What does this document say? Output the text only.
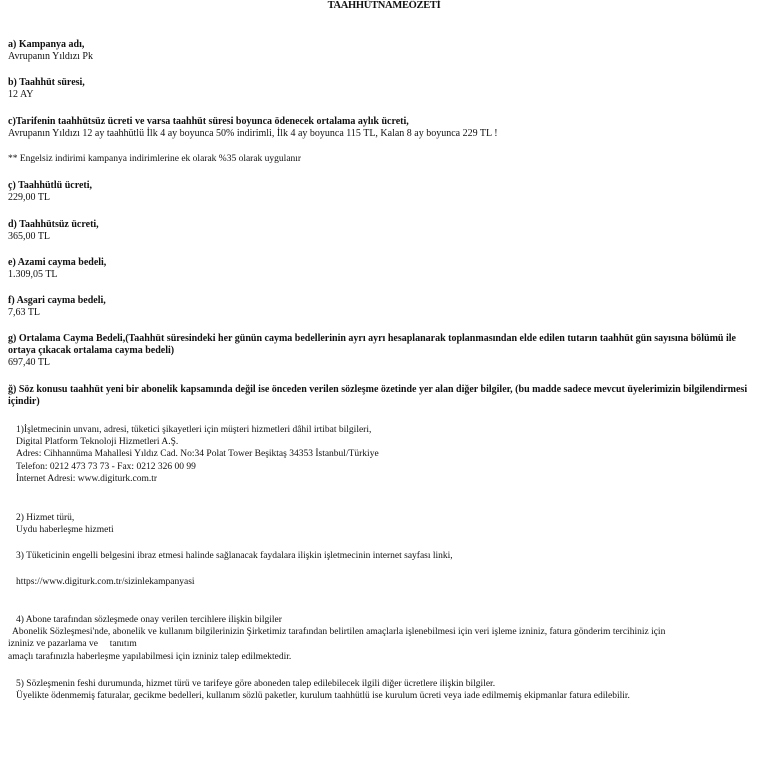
TAAHHÜTNAMEÖZETİ
a) Kampanya adı,
Avrupanın Yıldızı Pk
b) Taahhüt süresi,
12 AY
c)Tarifenin taahhütsüz ücreti ve varsa taahhüt süresi boyunca ödenecek ortalama aylık ücreti,
Avrupanın Yıldızı 12 ay taahhütlü İlk 4 ay boyunca 50% indirimli, İlk 4 ay boyunca 115 TL, Kalan 8 ay boyunca 229 TL !
** Engelsiz indirimi kampanya indirimlerine ek olarak %35 olarak uygulanır
ç) Taahhütlü ücreti,
229,00 TL
d) Taahhütsüz ücreti,
365,00 TL
e) Azami cayma bedeli,
1.309,05 TL
f) Asgari cayma bedeli,
7,63 TL
g) Ortalama Cayma Bedeli,(Taahhüt süresindeki her günün cayma bedellerinin ayrı ayrı hesaplanarak toplanmasından elde edilen tutarın taahhüt gün sayısına bölümü ile ortaya çıkacak ortalama cayma bedeli)
697,40 TL
ğ) Söz konusu taahhüt yeni bir abonelik kapsamında değil ise önceden verilen sözleşme özetinde yer alan diğer bilgiler, (bu madde sadece mevcut üyelerimizin bilgilendirmesi içindir)
1)İşletmecinin unvanı, adresi, tüketici şikayetleri için müşteri hizmetleri dâhil irtibat bilgileri,
Digital Platform Teknoloji Hizmetleri A.Ş.
Adres: Cihhannüma Mahallesi Yıldız Cad. No:34 Polat Tower Beşiktaş 34353 İstanbul/Türkiye
Telefon: 0212 473 73 73 - Fax: 0212 326 00 99
İnternet Adresi: www.digiturk.com.tr
2) Hizmet türü,
Uydu haberleşme hizmeti
3) Tüketicinin engelli belgesini ibraz etmesi halinde sağlanacak faydalara ilişkin işletmecinin internet sayfası linki,
https://www.digiturk.com.tr/sizinlekampanyasi
4) Abone tarafından sözleşmede onay verilen tercihlere ilişkin bilgiler
Abonelik Sözleşmesi'nde, abonelik ve kullanım bilgilerinizin Şirketimiz tarafından belirtilen amaçlarla işlenebilmesi için veri işleme izniniz, fatura gönderim tercihiniz için
izniniz ve pazarlama ve     tanıtım
amaçlı tarafınızla haberleşme yapılabilmesi için izniniz talep edilmektedir.
5) Sözleşmenin feshi durumunda, hizmet türü ve tarifeye göre aboneden talep edilebilecek ilgili diğer ücretlere ilişkin bilgiler.
Üyelikte ödenmemiş faturalar, gecikme bedelleri, kullanım sözlü paketler, kurulum taahhütlü ise kurulum ücreti veya iade edilmemiş ekipmanlar fatura edilebilir.
